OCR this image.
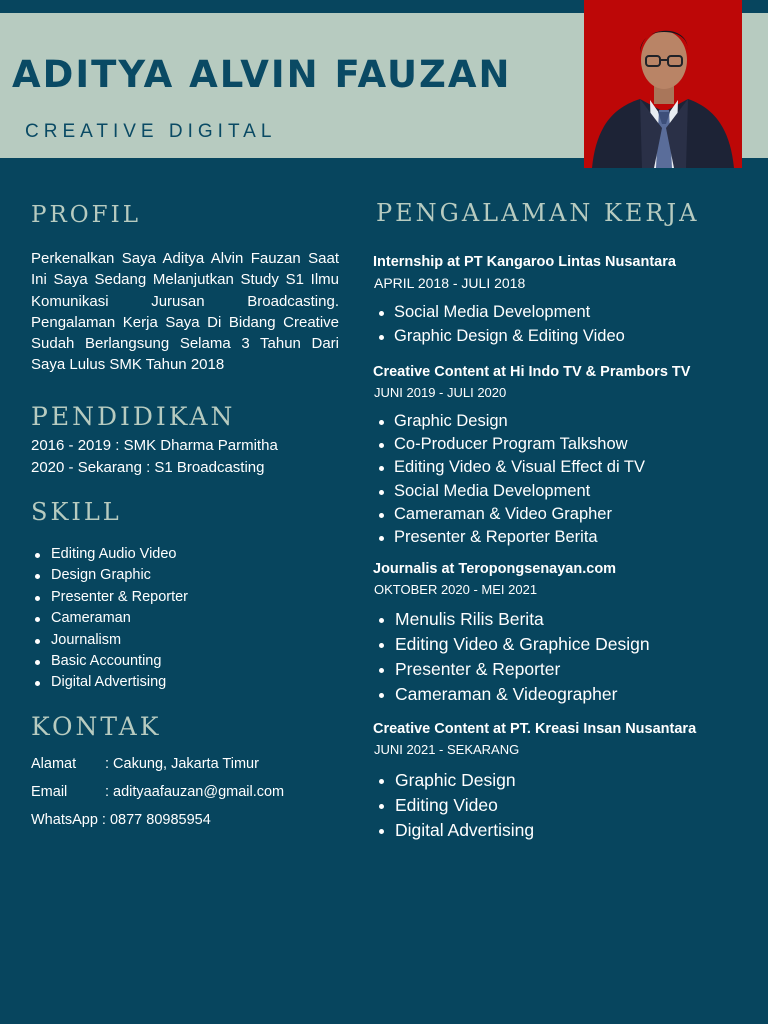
ADITYA ALVIN FAUZAN
CREATIVE DIGITAL
PROFIL
Perkenalkan Saya Aditya Alvin Fauzan Saat Ini Saya Sedang Melanjutkan Study S1 Ilmu Komunikasi Jurusan Broadcasting. Pengalaman Kerja Saya Di Bidang Creative Sudah Berlangsung Selama 3 Tahun Dari Saya Lulus SMK Tahun 2018
PENDIDIKAN
2016 - 2019 : SMK Dharma Parmitha
2020 - Sekarang : S1 Broadcasting
SKILL
Editing Audio Video
Design Graphic
Presenter & Reporter
Cameraman
Journalism
Basic Accounting
Digital Advertising
KONTAK
Alamat : Cakung, Jakarta Timur
Email	: adityaafauzan@gmail.com
WhatsApp : 0877 80985954
PENGALAMAN KERJA
Internship at PT Kangaroo Lintas Nusantara
APRIL 2018 - JULI 2018
Social Media Development
Graphic Design & Editing Video
Creative Content at Hi Indo TV & Prambors TV
JUNI 2019 - JULI 2020
Graphic Design
Co-Producer Program Talkshow
Editing Video & Visual Effect di TV
Social Media Development
Cameraman & Video Grapher
Presenter & Reporter Berita
Journalis at Teropongsenayan.com
OKTOBER 2020 - MEI 2021
Menulis Rilis Berita
Editing Video & Graphice Design
Presenter & Reporter
Cameraman & Videographer
Creative Content at PT. Kreasi Insan Nusantara
JUNI 2021 - SEKARANG
Graphic Design
Editing Video
Digital Advertising
